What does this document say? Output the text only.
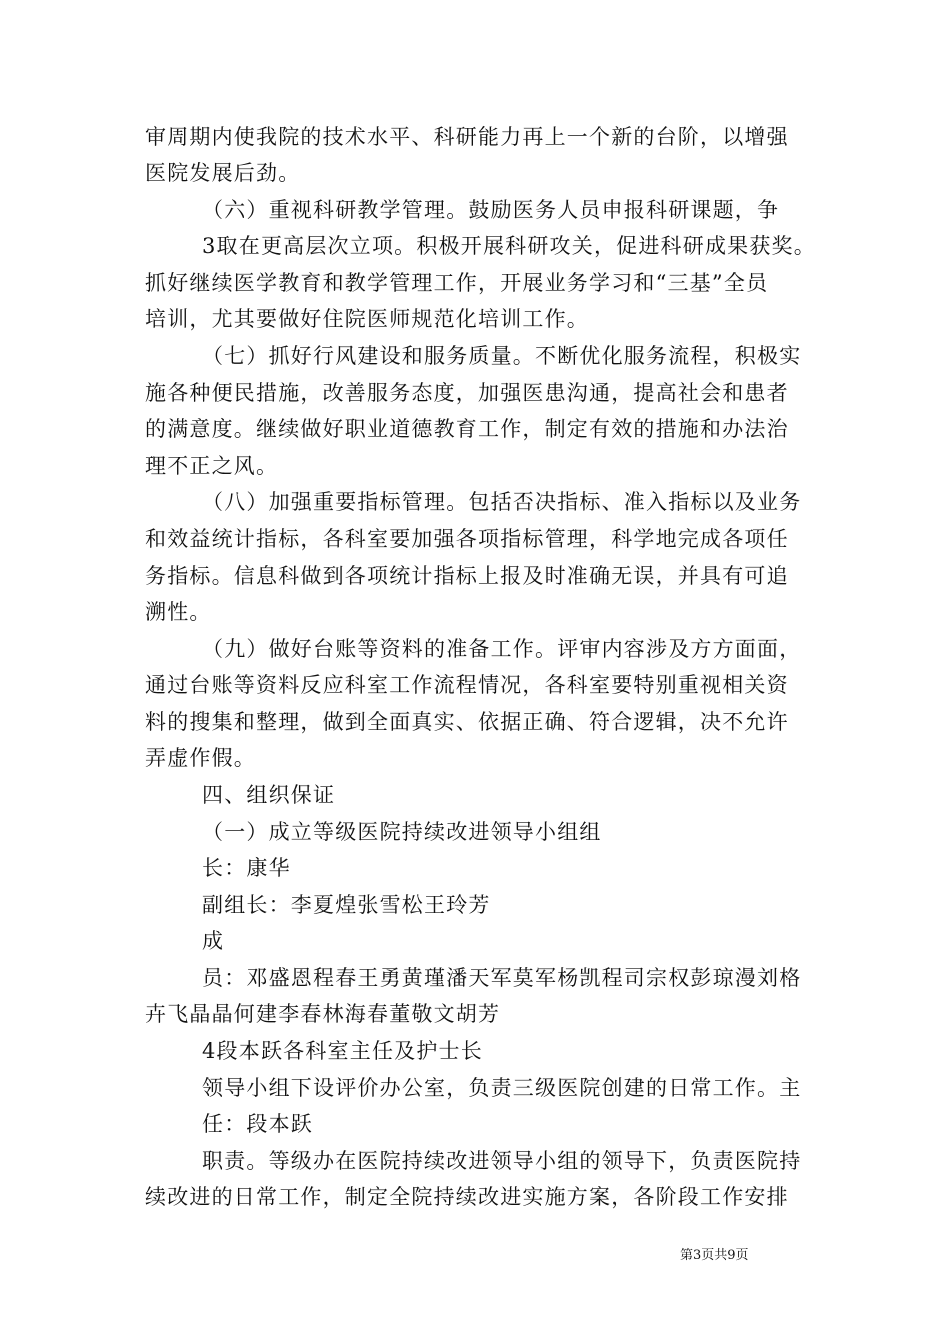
审周期内使我院的技术水平、科研能力再上一个新的台阶，以增强
医院发展后劲。
（六）重视科研教学管理。鼓励医务人员申报科研课题，争
3取在更高层次立项。积极开展科研攻关，促进科研成果获奖。
抓好继续医学教育和教学管理工作，开展业务学习和“三基”全员
培训，尤其要做好住院医师规范化培训工作。
（七）抓好行风建设和服务质量。不断优化服务流程，积极实
施各种便民措施，改善服务态度，加强医患沟通，提高社会和患者
的满意度。继续做好职业道德教育工作，制定有效的措施和办法治
理不正之风。
（八）加强重要指标管理。包括否决指标、准入指标以及业务
和效益统计指标，各科室要加强各项指标管理，科学地完成各项任
务指标。信息科做到各项统计指标上报及时准确无误，并具有可追
溯性。
（九）做好台账等资料的准备工作。评审内容涉及方方面面，
通过台账等资料反应科室工作流程情况，各科室要特别重视相关资
料的搜集和整理，做到全面真实、依据正确、符合逻辑，决不允许
弄虚作假。
四、组织保证
（一）成立等级医院持续改进领导小组组
长：康华
副组长：李夏煌张雪松王玲芳
成
员：邓盛恩程春王勇黄瑾潘天军莫军杨凯程司宗权彭琼漫刘格
卉飞晶晶何建李春林海春董敬文胡芳
4段本跃各科室主任及护士长
领导小组下设评价办公室，负责三级医院创建的日常工作。主
任：段本跃
职责。等级办在医院持续改进领导小组的领导下，负责医院持
续改进的日常工作，制定全院持续改进实施方案，各阶段工作安排
第3页共9页
